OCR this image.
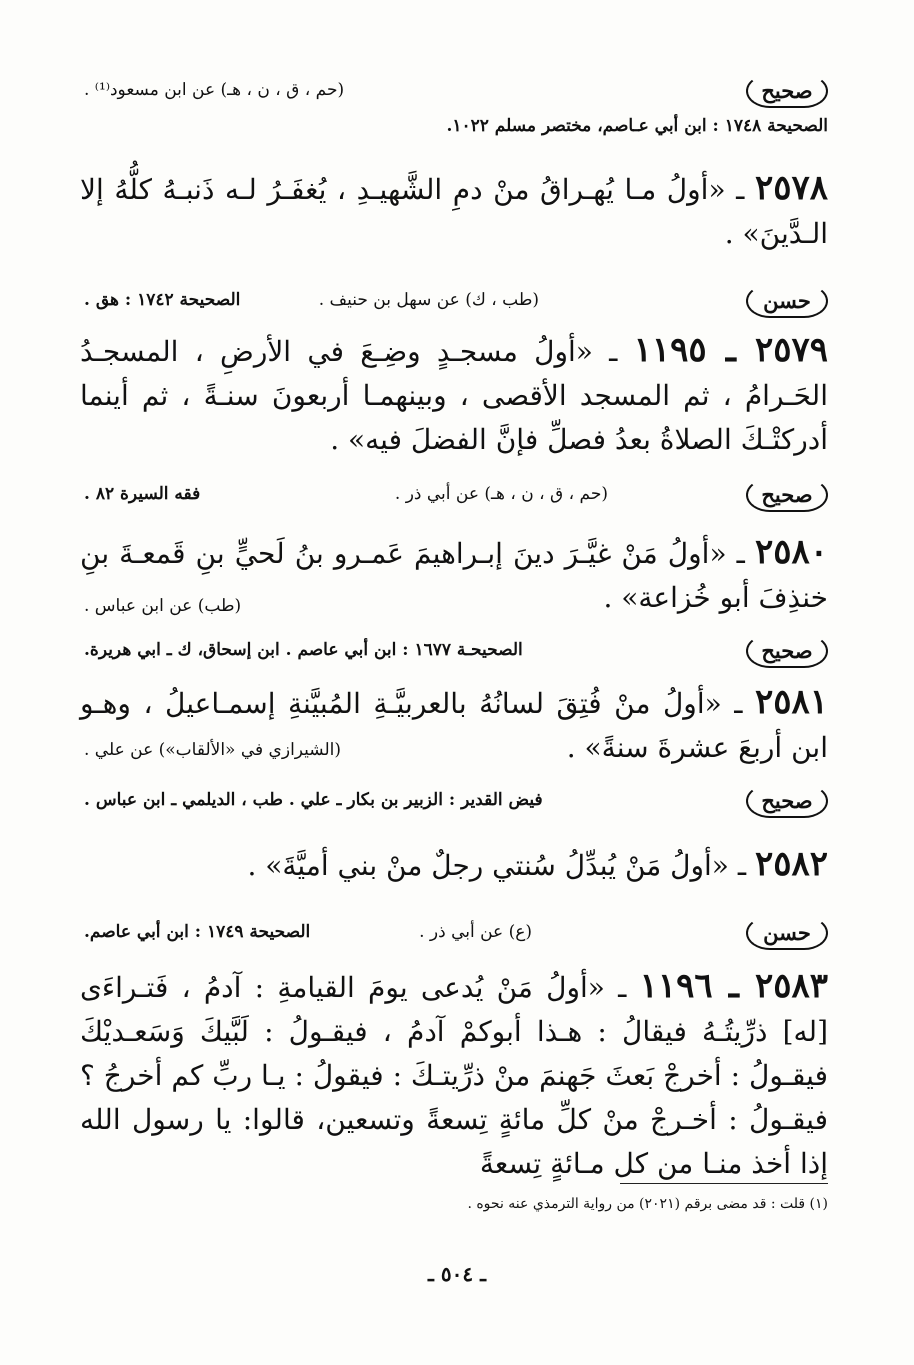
صحيح
(حم ، ق ، ن ، هـ) عن ابن مسعود⁽¹⁾ .
الصحيحة ١٧٤٨ : ابن أبي عـاصم، مختصر مسلم ١٠٢٢.
٢٥٧٨ ـ «أولُ مـا يُهـراقُ منْ دمِ الشَّهيـدِ ، يُغفَـرُ لـه ذَنبـهُ كلُّهُ إلا الـدَّينَ» .
حسن
(طب ، ك) عن سهل بن حنيف .
الصحيحة ١٧٤٢ : هق .
٢٥٧٩ ـ ١١٩٥ ـ «أولُ مسجـدٍ وضِـعَ في الأرضِ ، المسجـدُ الحَـرامُ ، ثم المسجد الأقصى ، وبينهمـا أربعونَ سنـةً ، ثم أينما أدركتْـكَ الصلاةُ بعدُ فصلِّ فإنَّ الفضلَ فيه» .
صحيح
(حم ، ق ، ن ، هـ) عن أبي ذر .
فقه السيرة ٨٢ .
٢٥٨٠ ـ «أولُ مَنْ غيَّـرَ دينَ إبـراهيمَ عَمـرو بنُ لَحيٍّ بنِ قَمعـةَ بنِ خنذِفَ أبو خُزاعة» .
(طب) عن ابن عباس .
صحيح
الصحيحـة ١٦٧٧ : ابن أبي عاصم . ابن إسحاق، ك ـ ابي هريرة.
٢٥٨١ ـ «أولُ منْ فُتِقَ لسانُهُ بالعربيَّـةِ المُبيَّنةِ إسمـاعيلُ ، وهـو ابن أربعَ عشرةَ سنةً» .
(الشيرازي في «الألقاب») عن علي .
صحيح
فيض القدير : الزبير بن بكار ـ علي . طب ، الديلمي ـ ابن عباس .
٢٥٨٢ ـ «أولُ مَنْ يُبدِّلُ سُنتي رجلٌ منْ بني أميَّةَ» .
حسن
(ع) عن أبي ذر .
الصحيحة ١٧٤٩ : ابن أبي عاصم.
٢٥٨٣ ـ ١١٩٦ ـ «أولُ مَنْ يُدعى يومَ القيامةِ : آدمُ ، فَتـراءَى [له] ذرِّيتُـهُ فيقالُ : هـذا أبوكمْ آدمُ ، فيقـولُ : لَبَّيكَ وَسَعـديْكَ فيقـولُ : أخرجْ بَعثَ جَهنمَ منْ ذرِّيتـكَ : فيقولُ : يـا ربِّ كم أخرجُ ؟ فيقـولُ : أخـرجْ منْ كلِّ مائةٍ تِسعةً وتسعين، قالوا: يا رسول الله إذا أخذ منـا من كل مـائةٍ تِسعةً
(١) قلت : قد مضى برقم (٢٠٢١) من رواية الترمذي عنه نحوه .
ـ ٥٠٤ ـ
